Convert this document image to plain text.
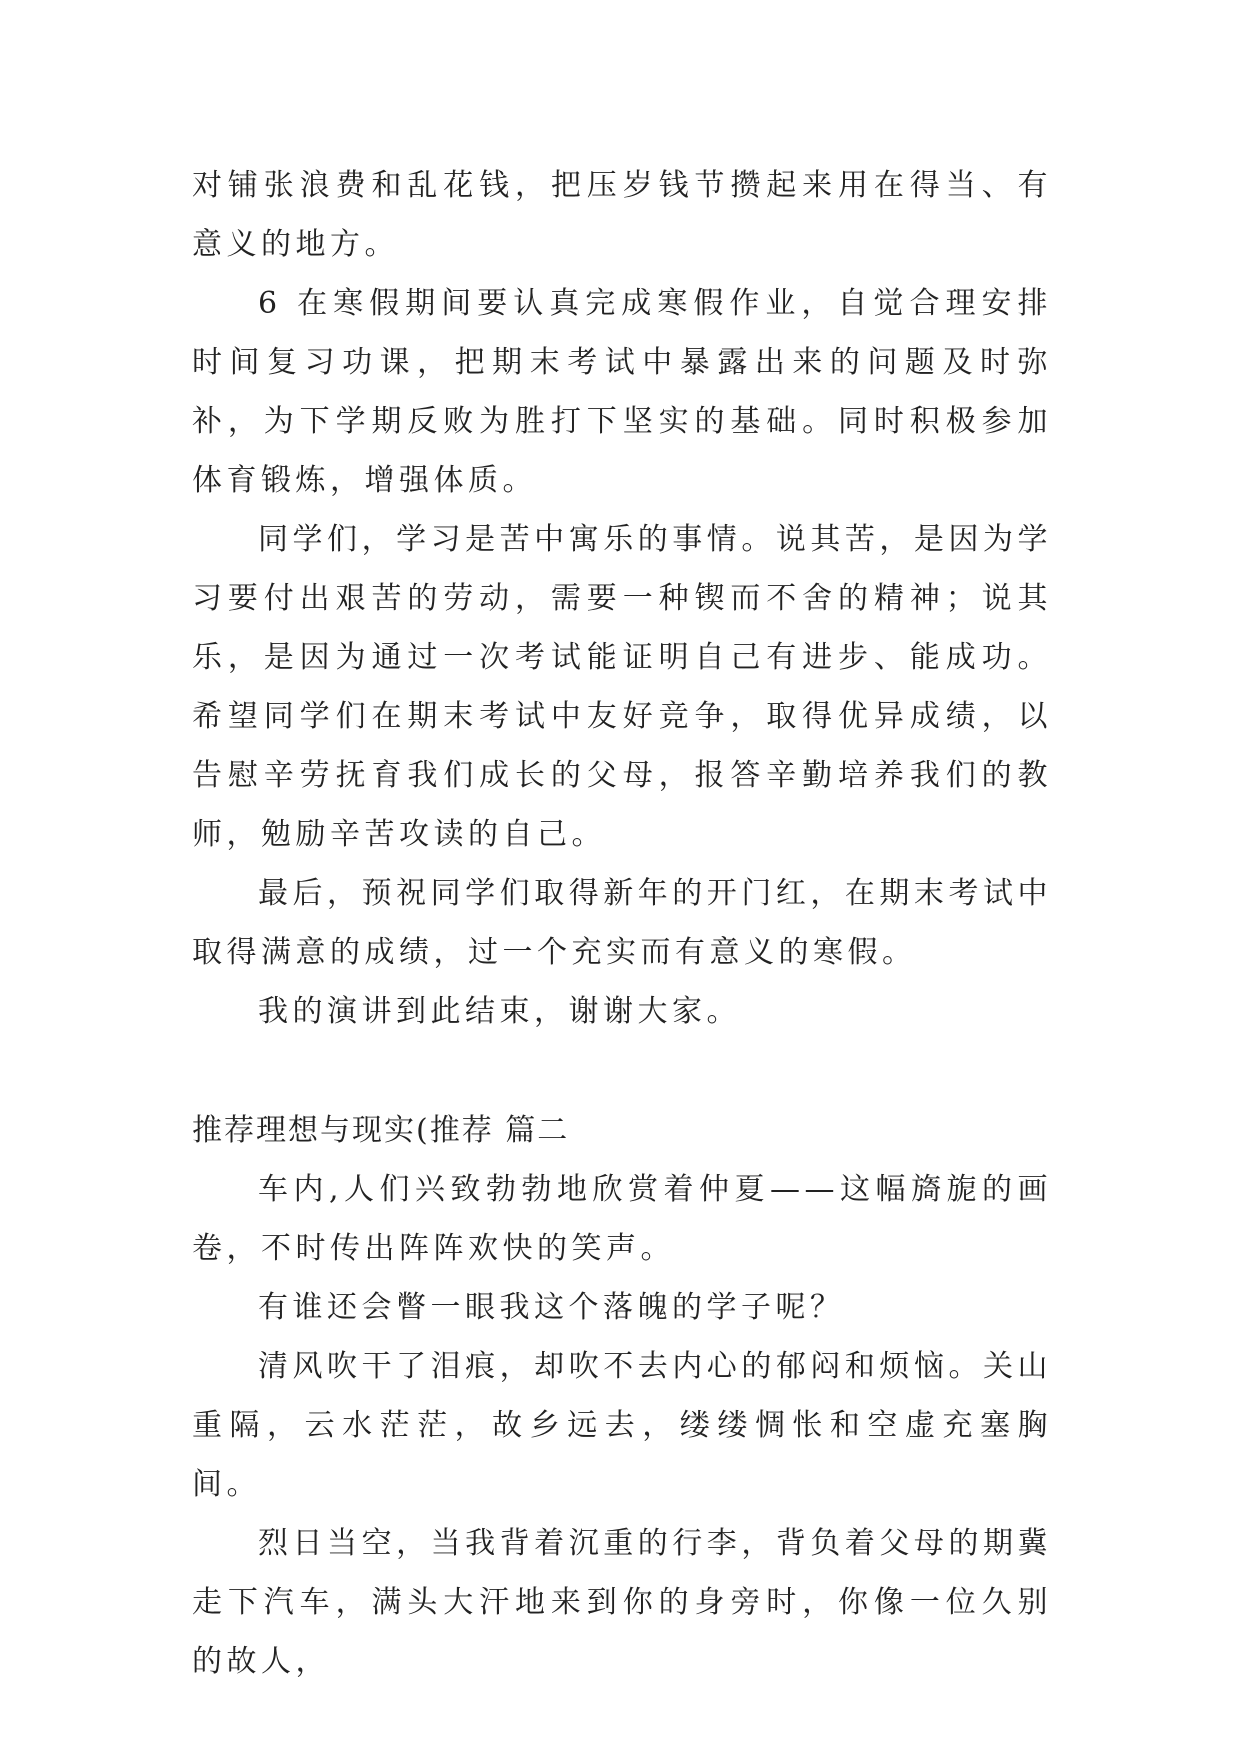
对铺张浪费和乱花钱，把压岁钱节攒起来用在得当、有意义的地方。

6 在寒假期间要认真完成寒假作业，自觉合理安排时间复习功课，把期末考试中暴露出来的问题及时弥补，为下学期反败为胜打下坚实的基础。同时积极参加体育锻炼，增强体质。

同学们，学习是苦中寓乐的事情。说其苦，是因为学习要付出艰苦的劳动，需要一种锲而不舍的精神；说其乐，是因为通过一次考试能证明自己有进步、能成功。希望同学们在期末考试中友好竞争，取得优异成绩，以告慰辛劳抚育我们成长的父母，报答辛勤培养我们的教师，勉励辛苦攻读的自己。

最后，预祝同学们取得新年的开门红，在期末考试中取得满意的成绩，过一个充实而有意义的寒假。

我的演讲到此结束，谢谢大家。

推荐理想与现实(推荐 篇二

车内,人们兴致勃勃地欣赏着仲夏——这幅旖旎的画卷，不时传出阵阵欢快的笑声。

有谁还会瞥一眼我这个落魄的学子呢？

清风吹干了泪痕，却吹不去内心的郁闷和烦恼。关山重隔，云水茫茫，故乡远去，缕缕惆怅和空虚充塞胸间。

烈日当空，当我背着沉重的行李，背负着父母的期冀走下汽车，满头大汗地来到你的身旁时，你像一位久别的故人，
